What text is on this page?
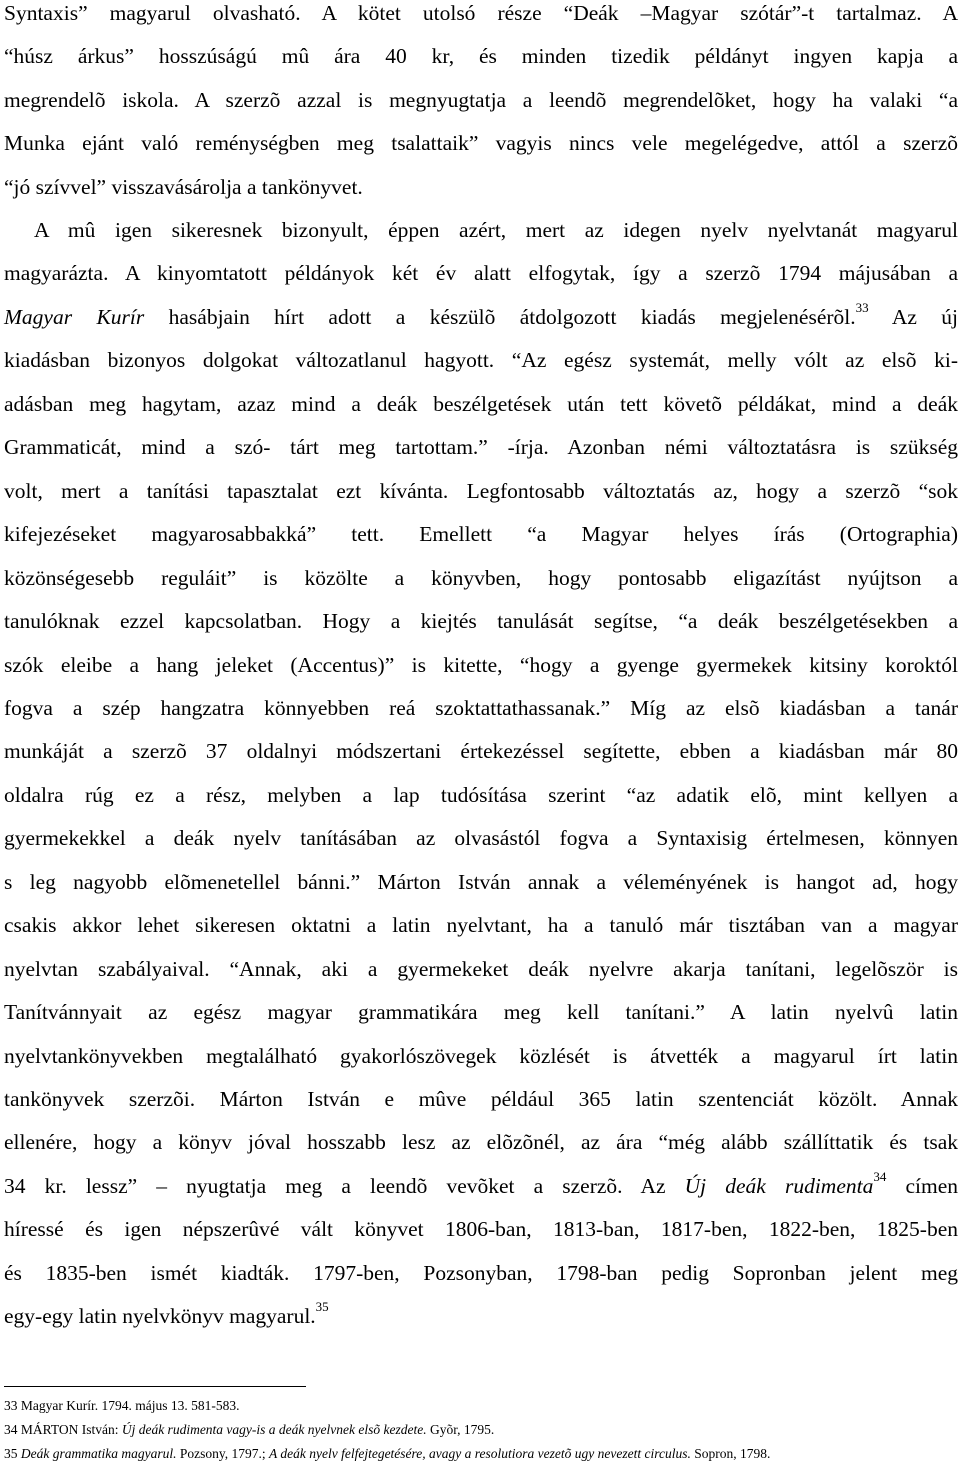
Syntaxis” magyarul olvasható. A kötet utolsó része “Deák –Magyar szótár”-t tartalmaz. A
“húsz árkus” hosszúságú mû ára 40 kr, és minden tizedik példányt ingyen kapja a
megrendelõ iskola. A szerzõ azzal is megnyugtatja a leendõ megrendelõket, hogy ha valaki “a
Munka ejánt való reménységben meg tsalattaik” vagyis nincs vele megelégedve, attól a szerzõ
“jó szívvel” visszavásárolja a tankönyvet.
A mû igen sikeresnek bizonyult, éppen azért, mert az idegen nyelv nyelvtanát magyarul
magyarázta. A kinyomtatott példányok két év alatt elfogytak, így a szerzõ 1794 májusában a
Magyar Kurír hasábjain hírt adott a készülõ átdolgozott kiadás megjelenésérõl.$^{33}$ Az új
kiadásban bizonyos dolgokat változatlanul hagyott. “Az egész systemát, melly vólt az elsõ ki-
adásban meg hagytam, azaz mind a deák beszélgetések után tett követõ példákat, mind a deák
Grammaticát, mind a szó- tárt meg tartottam.” -írja. Azonban némi változtatásra is szükség
volt, mert a tanítási tapasztalat ezt kívánta. Legfontosabb változtatás az, hogy a szerzõ “sok
kifejezéseket magyarosabbakká” tett. Emellett “a Magyar helyes írás (Ortographia)
közönségesebb reguláit” is közölte a könyvben, hogy pontosabb eligazítást nyújtson a
tanulóknak ezzel kapcsolatban. Hogy a kiejtés tanulását segítse, “a deák beszélgetésekben a
szók eleibe a hang jeleket (Accentus)” is kitette, “hogy a gyenge gyermekek kitsiny koroktól
fogva a szép hangzatra könnyebben reá szoktattathassanak.” Míg az elsõ kiadásban a tanár
munkáját a szerzõ 37 oldalnyi módszertani értekezéssel segítette, ebben a kiadásban már 80
oldalra rúg ez a rész, melyben a lap tudósítása szerint “az adatik elõ, mint kellyen a
gyermekekkel a deák nyelv tanításában az olvasástól fogva a Syntaxisig értelmesen, könnyen
s leg nagyobb elõmenetellel bánni.” Márton István annak a véleményének is hangot ad, hogy
csakis akkor lehet sikeresen oktatni a latin nyelvtant, ha a tanuló már tisztában van a magyar
nyelvtan szabályaival. “Annak, aki a gyermekeket deák nyelvre akarja tanítani, legelõször is
Tanítvánnyait az egész magyar grammatikára meg kell tanítani.” A latin nyelvû latin
nyelvtankönyvekben megtalálható gyakorlószövegek közlését is átvették a magyarul írt latin
tankönyvek szerzõi. Márton István e mûve például 365 latin szentenciát közölt. Annak
ellenére, hogy a könyv jóval hosszabb lesz az elõzõnél, az ára “még alább szállíttatik és tsak
34 kr. lessz” – nyugtatja meg a leendõ vevõket a szerzõ. Az Új deák rudimenta$^{34}$ címen
híressé és igen népszerûvé vált könyvet 1806-ban, 1813-ban, 1817-ben, 1822-ben, 1825-ben
és 1835-ben ismét kiadták. 1797-ben, Pozsonyban, 1798-ban pedig Sopronban jelent meg
egy-egy latin nyelvkönyv magyarul.$^{35}$
33 Magyar Kurír. 1794. május 13. 581-583.
34 MÁRTON István: Új deák rudimenta vagy-is a deák nyelvnek elsõ kezdete. Gyõr, 1795.
35 Deák grammatika magyarul. Pozsony, 1797.; A deák nyelv felfejtegetésére, avagy a resolutiora vezetõ ugy nevezett circulus. Sopron, 1798.
